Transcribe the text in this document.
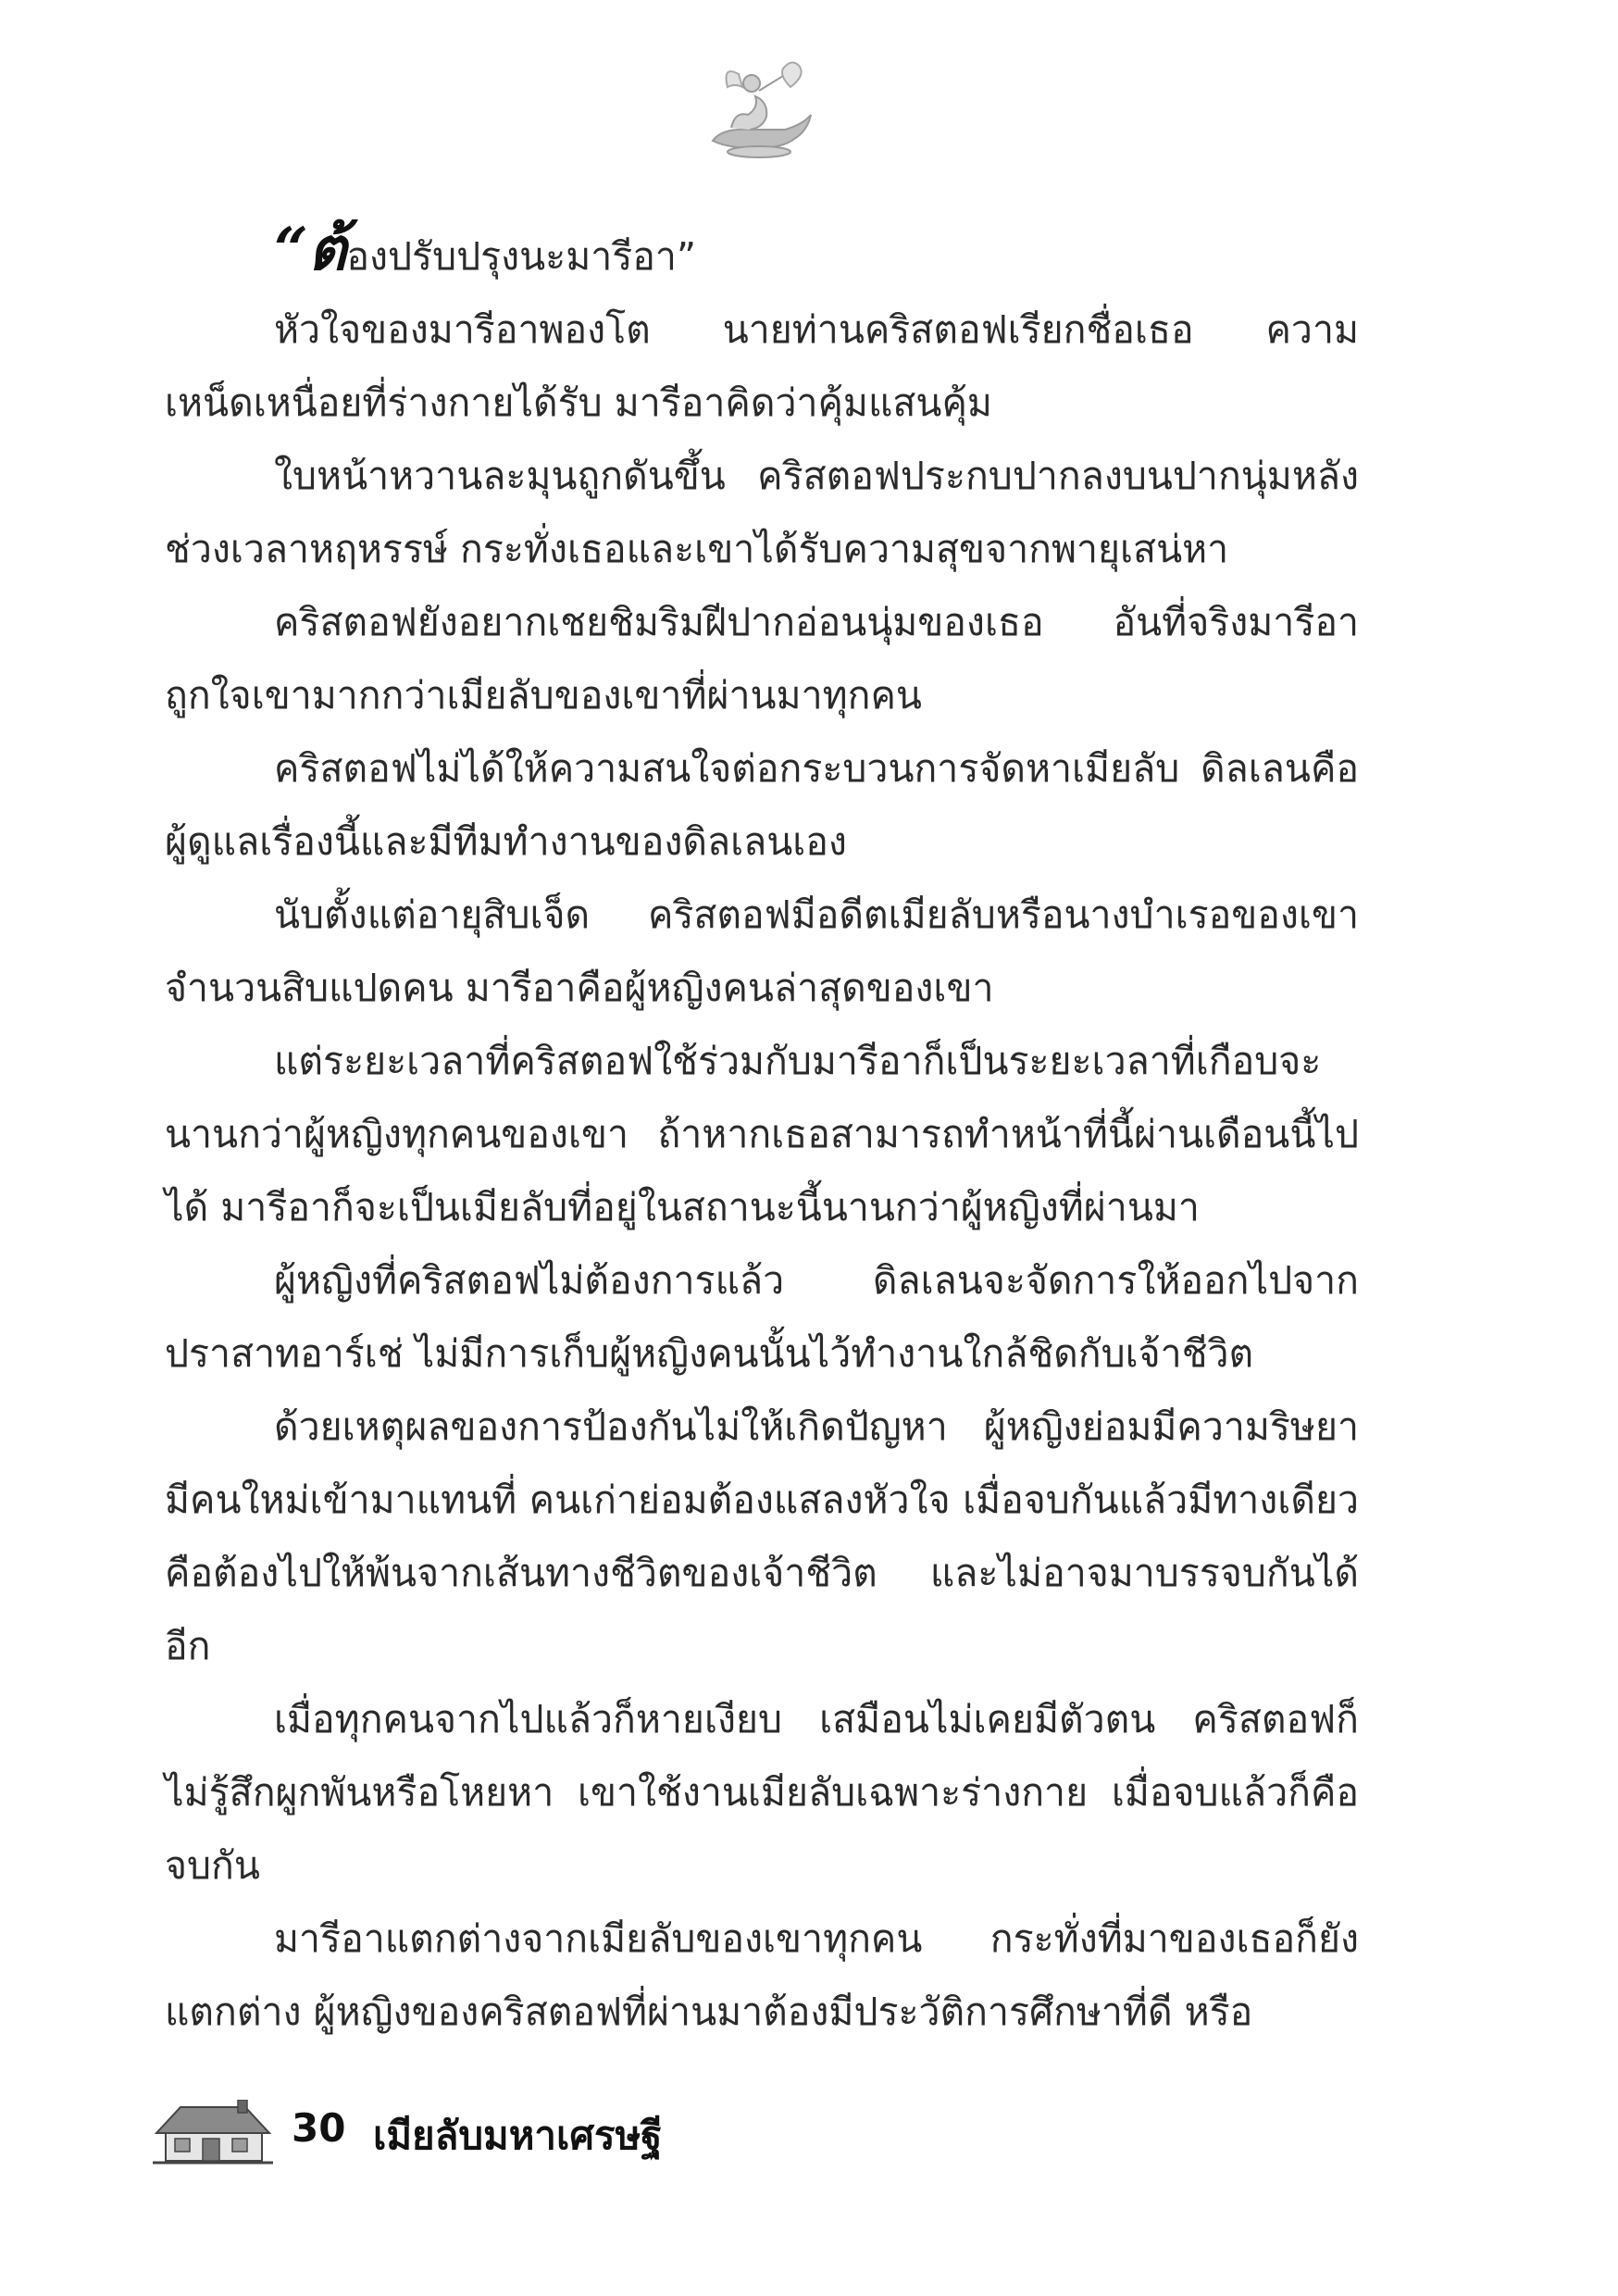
“ต้องปรับปรุงนะมารีอา”

หัวใจของมารีอาพองโต นายท่านคริสตอฟเรียกชื่อเธอ ความเหน็ดเหนื่อยที่ร่างกายได้รับ มารีอาคิดว่าคุ้มแสนคุ้ม

ใบหน้าหวานละมุนถูกดันขึ้น คริสตอฟประกบปากลงบนปากนุ่มหลังช่วงเวลาหฤหรรษ์ กระทั่งเธอและเขาได้รับความสุขจากพายุเสน่หา

คริสตอฟยังอยากเชยชิมริมฝีปากอ่อนนุ่มของเธอ อันที่จริงมารีอาถูกใจเขามากกว่าเมียลับของเขาที่ผ่านมาทุกคน

คริสตอฟไม่ได้ให้ความสนใจต่อกระบวนการจัดหาเมียลับ ดิลเลนคือผู้ดูแลเรื่องนี้และมีทีมทำงานของดิลเลนเอง

นับตั้งแต่อายุสิบเจ็ด คริสตอฟมีอดีตเมียลับหรือนางบำเรอของเขาจำนวนสิบแปดคน มารีอาคือผู้หญิงคนล่าสุดของเขา

แต่ระยะเวลาที่คริสตอฟใช้ร่วมกับมารีอาก็เป็นระยะเวลาที่เกือบจะนานกว่าผู้หญิงทุกคนของเขา ถ้าหากเธอสามารถทำหน้าที่นี้ผ่านเดือนนี้ไปได้ มารีอาก็จะเป็นเมียลับที่อยู่ในสถานะนี้นานกว่าผู้หญิงที่ผ่านมา

ผู้หญิงที่คริสตอฟไม่ต้องการแล้ว ดิลเลนจะจัดการให้ออกไปจากปราสาทอาร์เช่ ไม่มีการเก็บผู้หญิงคนนั้นไว้ทำงานใกล้ชิดกับเจ้าชีวิต

ด้วยเหตุผลของการป้องกันไม่ให้เกิดปัญหา ผู้หญิงย่อมมีความริษยา มีคนใหม่เข้ามาแทนที่ คนเก่าย่อมต้องแสลงหัวใจ เมื่อจบกันแล้วมีทางเดียวคือต้องไปให้พ้นจากเส้นทางชีวิตของเจ้าชีวิต และไม่อาจมาบรรจบกันได้อีก

เมื่อทุกคนจากไปแล้วก็หายเงียบ เสมือนไม่เคยมีตัวตน คริสตอฟก็ไม่รู้สึกผูกพันหรือโหยหา เขาใช้งานเมียลับเฉพาะร่างกาย เมื่อจบแล้วก็คือจบกัน

มารีอาแตกต่างจากเมียลับของเขาทุกคน กระทั่งที่มาของเธอก็ยังแตกต่าง ผู้หญิงของคริสตอฟที่ผ่านมาต้องมีประวัติการศึกษาที่ดี หรือ

30 เมียลับมหาเศรษฐี
